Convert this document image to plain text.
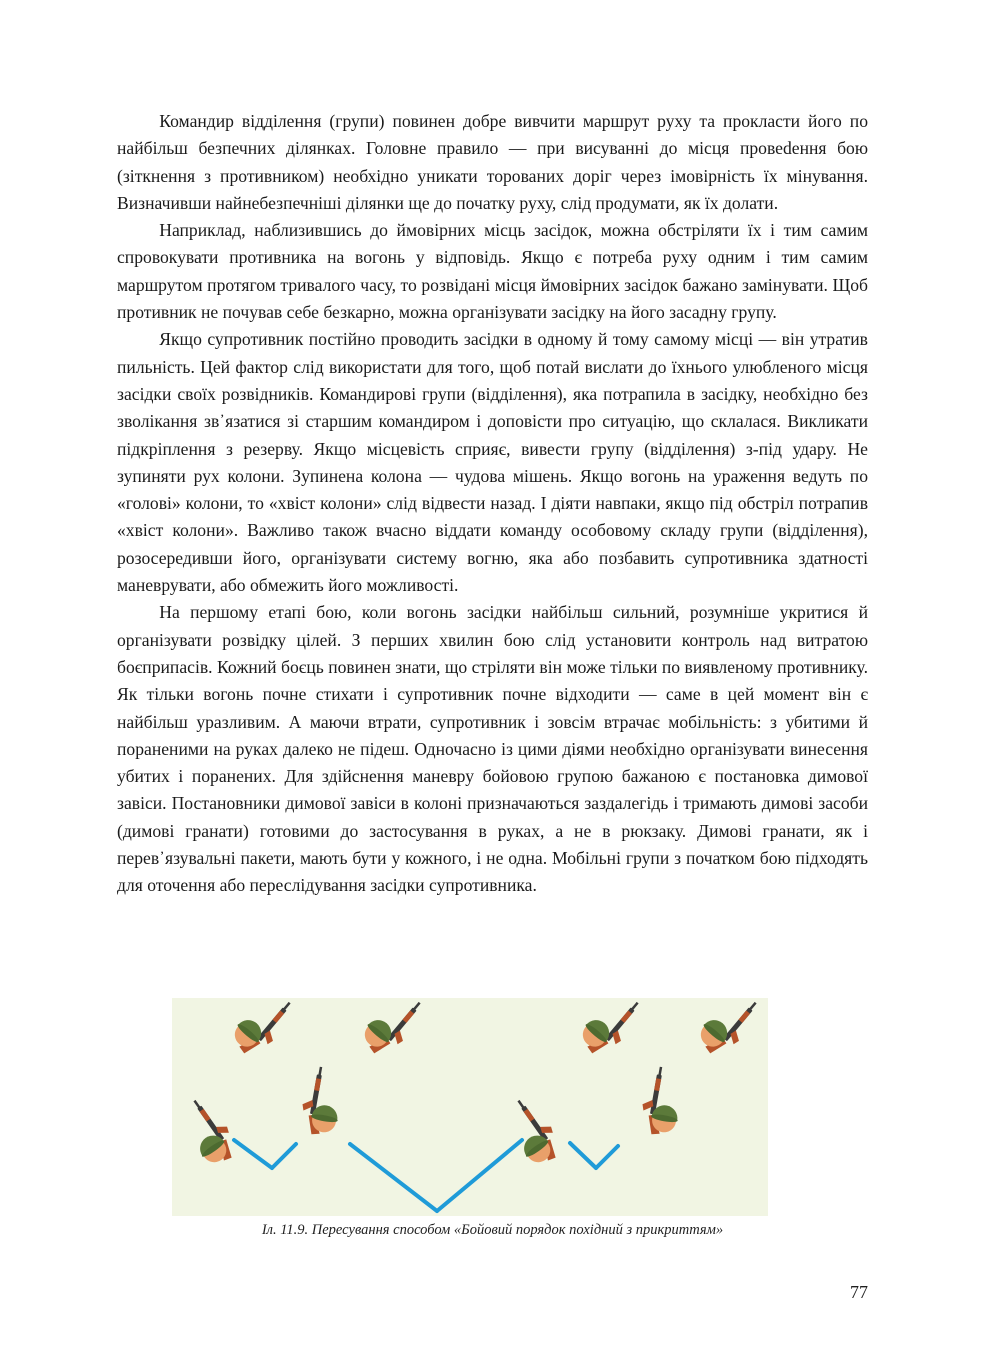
Командир відділення (групи) повинен добре вивчити маршрут руху та прокласти його по найбільш безпечних ділянках. Головне правило — при висуванні до місця провеdення бою (зіткнення з противником) необхідно уникати торованих доріг через імовірність їх мінування. Визначивши найнебезпечніші ділянки ще до початку руху, слід продумати, як їх долати.

Наприклад, наблизившись до ймовірних місць засідок, можна обстріляти їх і тим самим спровокувати противника на вогонь у відповідь. Якщо є потреба руху одним і тим самим маршрутом протягом тривалого часу, то розвідані місця ймовірних засідок бажано замінувати. Щоб противник не почував себе безкарно, можна організувати засідку на його засадну групу.

Якщо супротивник постійно проводить засідки в одному й тому самому місці — він утратив пильність. Цей фактор слід використати для того, щоб потай вислати до їхнього улюбленого місця засідки своїх розвідників. Командирові групи (відділення), яка потрапила в засідку, необхідно без зволікання зв᾽язатися зі старшим командиром і доповісти про ситуацію, що склалася. Викликати підкріплення з резерву. Якщо місцевість сприяє, вивести групу (відділення) з-під удару. Не зупиняти рух колони. Зупинена колона — чудова мішень. Якщо вогонь на ураження ведуть по «голові» колони, то «хвіст колони» слід відвести назад. І діяти навпаки, якщо під обстріл потрапив «хвіст колони». Важливо також вчасно віддати команду особовому складу групи (відділення), розосередивши його, організувати систему вогню, яка або позбавить супротивника здатності маневрувати, або обмежить його можливості.

На першому етапі бою, коли вогонь засідки найбільш сильний, розумніше укритися й організувати розвідку цілей. З перших хвилин бою слід установити контроль над витратою боєприпасів. Кожний боєць повинен знати, що стріляти він може тільки по виявленому противнику. Як тільки вогонь почне стихати і супротивник почне відходити — саме в цей момент він є найбільш уразливим. А маючи втрати, супротивник і зовсім втрачає мобільність: з убитими й пораненими на руках далеко не підеш. Одночасно із цими діями необхідно організувати винесення убитих і поранених. Для здійснення маневру бойовою групою бажаною є постановка димової завіси. Постановники димової завіси в колоні призначаються заздалегідь і тримають димові засоби (димові гранати) готовими до застосування в руках, а не в рюкзаку. Димові гранати, як і перев᾽язувальні пакети, мають бути у кожного, і не одна. Мобільні групи з початком бою підходять для оточення або переслідування засідки супротивника.

Іл. 11.9. Пересування способом «Бойовий порядок похідний з прикриттям»
77
